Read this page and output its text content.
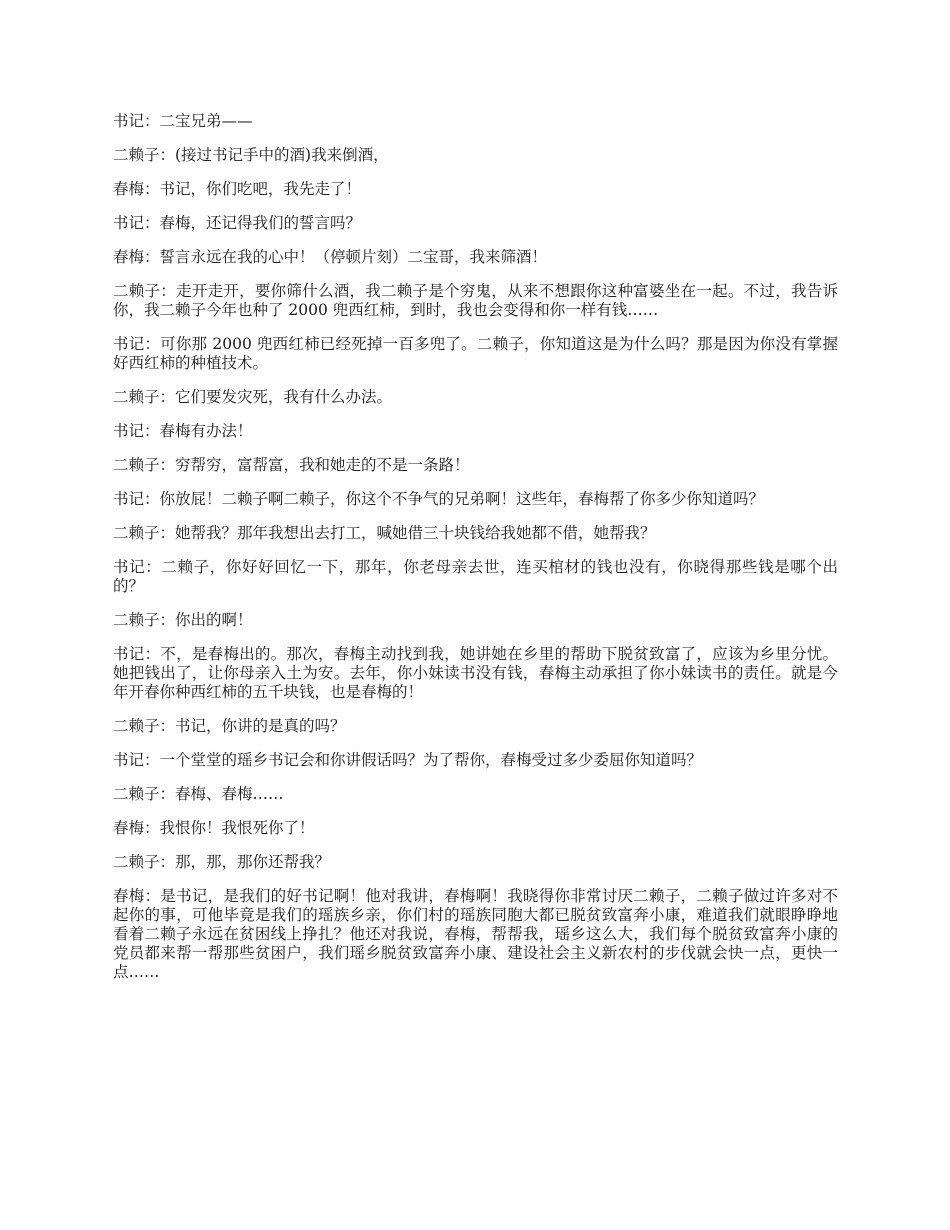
书记：二宝兄弟——

二赖子：(接过书记手中的酒)我来倒酒，

春梅：书记，你们吃吧，我先走了！

书记：春梅，还记得我们的誓言吗？

春梅：誓言永远在我的心中！（停顿片刻）二宝哥，我来筛酒！

二赖子：走开走开，要你筛什么酒，我二赖子是个穷鬼，从来不想跟你这种富婆坐在一起。不过，我告诉你，我二赖子今年也种了 2000 兜西红柿，到时，我也会变得和你一样有钱……

书记：可你那 2000 兜西红柿已经死掉一百多兜了。二赖子，你知道这是为什么吗？那是因为你没有掌握好西红柿的种植技术。

二赖子：它们要发灾死，我有什么办法。

书记：春梅有办法！

二赖子：穷帮穷，富帮富，我和她走的不是一条路！

书记：你放屁！二赖子啊二赖子，你这个不争气的兄弟啊！这些年，春梅帮了你多少你知道吗？

二赖子：她帮我？那年我想出去打工，喊她借三十块钱给我她都不借，她帮我？

书记：二赖子，你好好回忆一下，那年，你老母亲去世，连买棺材的钱也没有，你晓得那些钱是哪个出的？

二赖子：你出的啊！

书记：不，是春梅出的。那次，春梅主动找到我，她讲她在乡里的帮助下脱贫致富了，应该为乡里分忧。她把钱出了，让你母亲入土为安。去年，你小妹读书没有钱，春梅主动承担了你小妹读书的责任。就是今年开春你种西红柿的五千块钱，也是春梅的！

二赖子：书记，你讲的是真的吗？

书记：一个堂堂的瑶乡书记会和你讲假话吗？为了帮你，春梅受过多少委屈你知道吗？

二赖子：春梅、春梅……

春梅：我恨你！我恨死你了！

二赖子：那，那，那你还帮我？

春梅：是书记，是我们的好书记啊！他对我讲，春梅啊！我晓得你非常讨厌二赖子，二赖子做过许多对不起你的事，可他毕竟是我们的瑶族乡亲，你们村的瑶族同胞大都已脱贫致富奔小康，难道我们就眼睁睁地看着二赖子永远在贫困线上挣扎？他还对我说，春梅，帮帮我，瑶乡这么大，我们每个脱贫致富奔小康的党员都来帮一帮那些贫困户，我们瑶乡脱贫致富奔小康、建设社会主义新农村的步伐就会快一点，更快一点……
